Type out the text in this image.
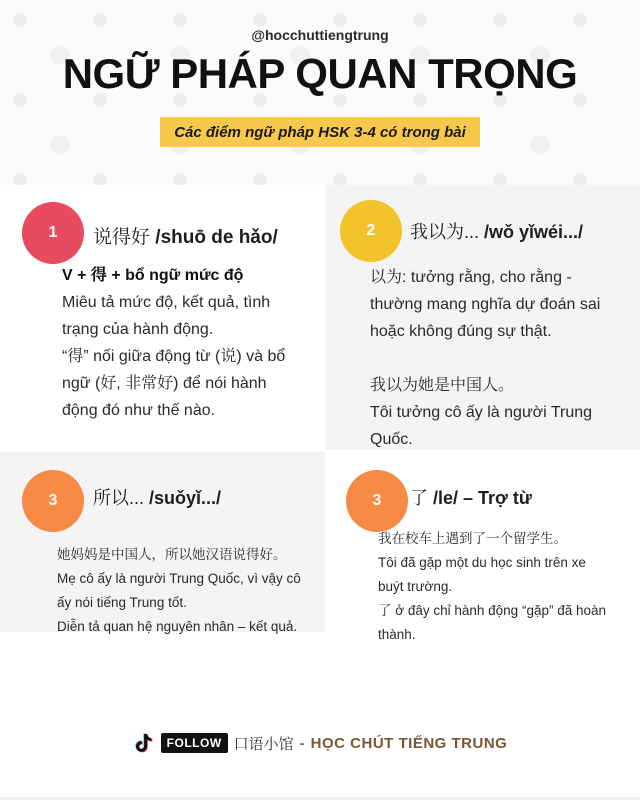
@hocchuttiengtrung
NGỮ PHÁP QUAN TRỌNG
Các điểm ngữ pháp HSK 3-4 có trong bài
1 说得好 /shuō de hǎo/
V + 得 + bổ ngữ mức độ
Miêu tả mức độ, kết quả, tình
trạng của hành động.
“得” nối giữa động từ (说) và bổ
ngữ (好, 非常好) để nói hành
động đó như thế nào.
2 我以为... /wǒ yǐwéi.../
以为: tưởng rằng, cho rằng -
thường mang nghĩa dự đoán sai
hoặc không đúng sự thật.
我以为她是中国人。
Tôi tưởng cô ấy là người Trung
Quốc.
3 所以... /suǒyǐ.../
她妈妈是中国人，所以她汉语说得好。
Mẹ cô ấy là người Trung Quốc, vì vậy cô
ấy nói tiếng Trung tốt.
Diễn tả quan hệ nguyên nhân – kết quả.
3 了 /le/ – Trợ từ
我在校车上遇到了一个留学生。
Tôi đã gặp một du học sinh trên xe
buýt trường.
了 ở đây chỉ hành động “gặp” đã hoàn
thành.
FOLLOW 口语小馆 - HỌC CHÚT TIẾNG TRUNG
